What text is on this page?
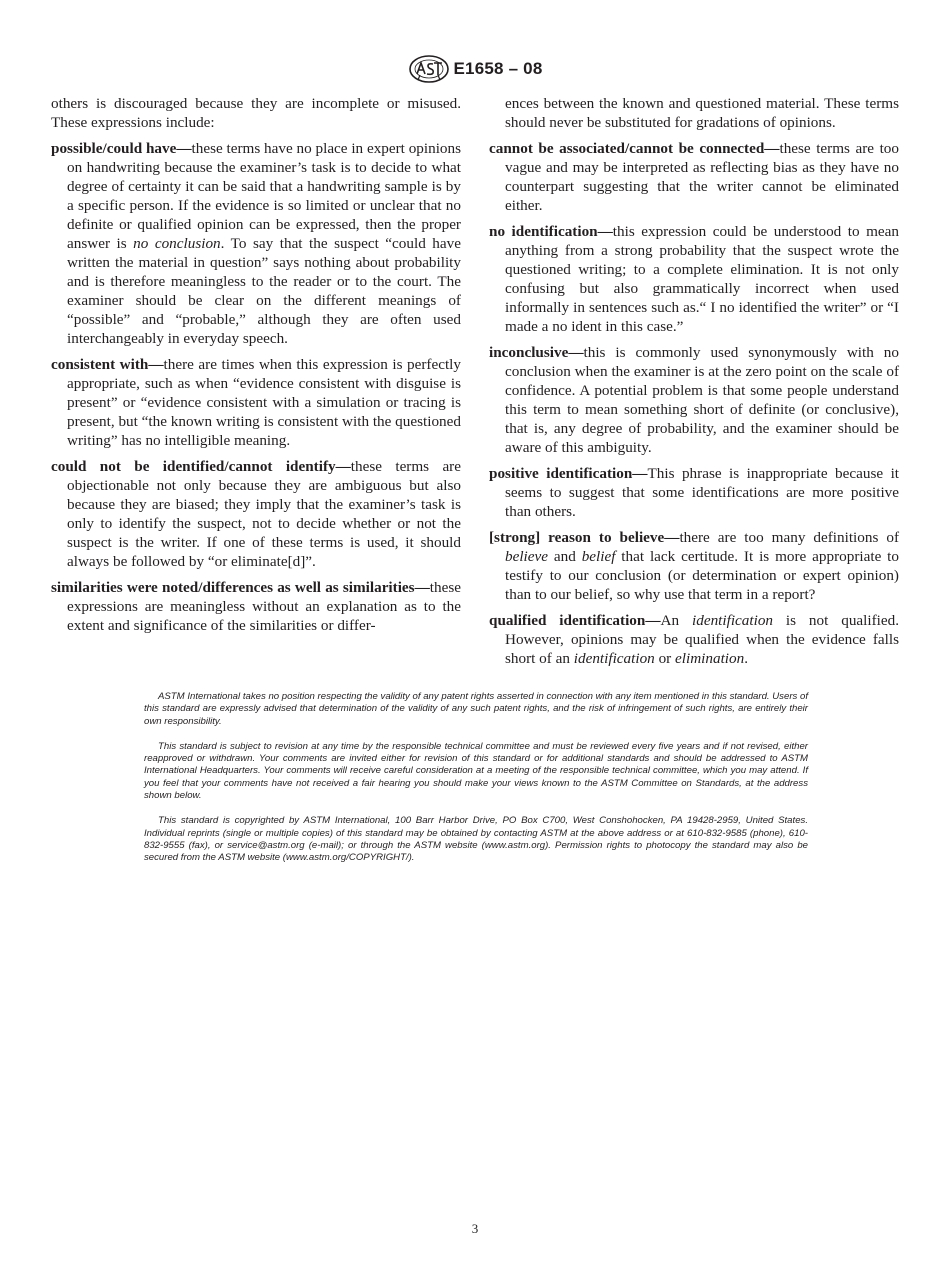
E1658 – 08

others is discouraged because they are incomplete or misused. These expressions include:

possible/could have—these terms have no place in expert opinions on handwriting because the examiner’s task is to decide to what degree of certainty it can be said that a handwriting sample is by a specific person. If the evidence is so limited or unclear that no definite or qualified opinion can be expressed, then the proper answer is no conclusion. To say that the suspect “could have written the material in question” says nothing about probability and is therefore meaningless to the reader or to the court. The examiner should be clear on the different meanings of “possible” and “probable,” although they are often used interchangeably in everyday speech.

consistent with—there are times when this expression is perfectly appropriate, such as when “evidence consistent with disguise is present” or “evidence consistent with a simulation or tracing is present, but “the known writing is consistent with the questioned writing” has no intelligible meaning.

could not be identified/cannot identify—these terms are objectionable not only because they are ambiguous but also because they are biased; they imply that the examiner’s task is only to identify the suspect, not to decide whether or not the suspect is the writer. If one of these terms is used, it should always be followed by “or eliminate[d]”.

similarities were noted/differences as well as similarities—these expressions are meaningless without an explanation as to the extent and significance of the similarities or differ-

ences between the known and questioned material. These terms should never be substituted for gradations of opinions.

cannot be associated/cannot be connected—these terms are too vague and may be interpreted as reflecting bias as they have no counterpart suggesting that the writer cannot be eliminated either.

no identification—this expression could be understood to mean anything from a strong probability that the suspect wrote the questioned writing; to a complete elimination. It is not only confusing but also grammatically incorrect when used informally in sentences such as.“ I no identified the writer” or “I made a no ident in this case.”

inconclusive—this is commonly used synonymously with no conclusion when the examiner is at the zero point on the scale of confidence. A potential problem is that some people understand this term to mean something short of definite (or conclusive), that is, any degree of probability, and the examiner should be aware of this ambiguity.

positive identification—This phrase is inappropriate because it seems to suggest that some identifications are more positive than others.

[strong] reason to believe—there are too many definitions of believe and belief that lack certitude. It is more appropriate to testify to our conclusion (or determination or expert opinion) than to our belief, so why use that term in a report?

qualified identification—An identification is not qualified. However, opinions may be qualified when the evidence falls short of an identification or elimination.

ASTM International takes no position respecting the validity of any patent rights asserted in connection with any item mentioned in this standard. Users of this standard are expressly advised that determination of the validity of any such patent rights, and the risk of infringement of such rights, are entirely their own responsibility.

This standard is subject to revision at any time by the responsible technical committee and must be reviewed every five years and if not revised, either reapproved or withdrawn. Your comments are invited either for revision of this standard or for additional standards and should be addressed to ASTM International Headquarters. Your comments will receive careful consideration at a meeting of the responsible technical committee, which you may attend. If you feel that your comments have not received a fair hearing you should make your views known to the ASTM Committee on Standards, at the address shown below.

This standard is copyrighted by ASTM International, 100 Barr Harbor Drive, PO Box C700, West Conshohocken, PA 19428-2959, United States. Individual reprints (single or multiple copies) of this standard may be obtained by contacting ASTM at the above address or at 610-832-9585 (phone), 610-832-9555 (fax), or service@astm.org (e-mail); or through the ASTM website (www.astm.org). Permission rights to photocopy the standard may also be secured from the ASTM website (www.astm.org/COPYRIGHT/).

3
